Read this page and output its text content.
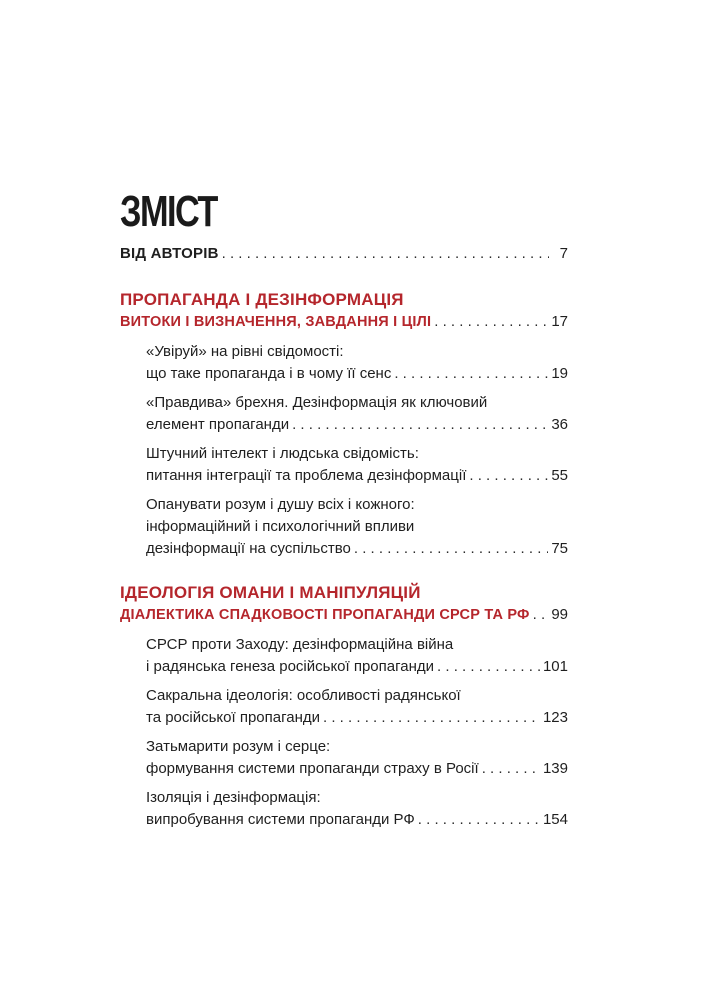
ЗМІСТ
ВІД АВТОРІВ . . .	7
ПРОПАГАНДА І ДЕЗІНФОРМАЦІЯ
ВИТОКИ І ВИЗНАЧЕННЯ, ЗАВДАННЯ І ЦІЛІ . . .	17
«Увіруй» на рівні свідомості:
що таке пропаганда і в чому її сенс . . .	19
«Правдива» брехня. Дезінформація як ключовий
елемент пропаганди . . .	36
Штучний інтелект і людська свідомість:
питання інтеграції та проблема дезінформації . . .	55
Опанувати розум і душу всіх і кожного:
інформаційний і психологічний впливи
дезінформації на суспільство . . .	75
ІДЕОЛОГІЯ ОМАНИ І МАНІПУЛЯЦІЙ
ДІАЛЕКТИКА СПАДКОВОСТІ ПРОПАГАНДИ СРСР ТА РФ . . . 99
СРСР проти Заходу: дезінформаційна війна
і радянська генеза російської пропаганди . . .	101
Сакральна ідеологія: особливості радянської
та російської пропаганди . . .	123
Затьмарити розум і серце:
формування системи пропаганди страху в Росії . . .	139
Ізоляція і дезінформація:
випробування системи пропаганди РФ . . .	154
